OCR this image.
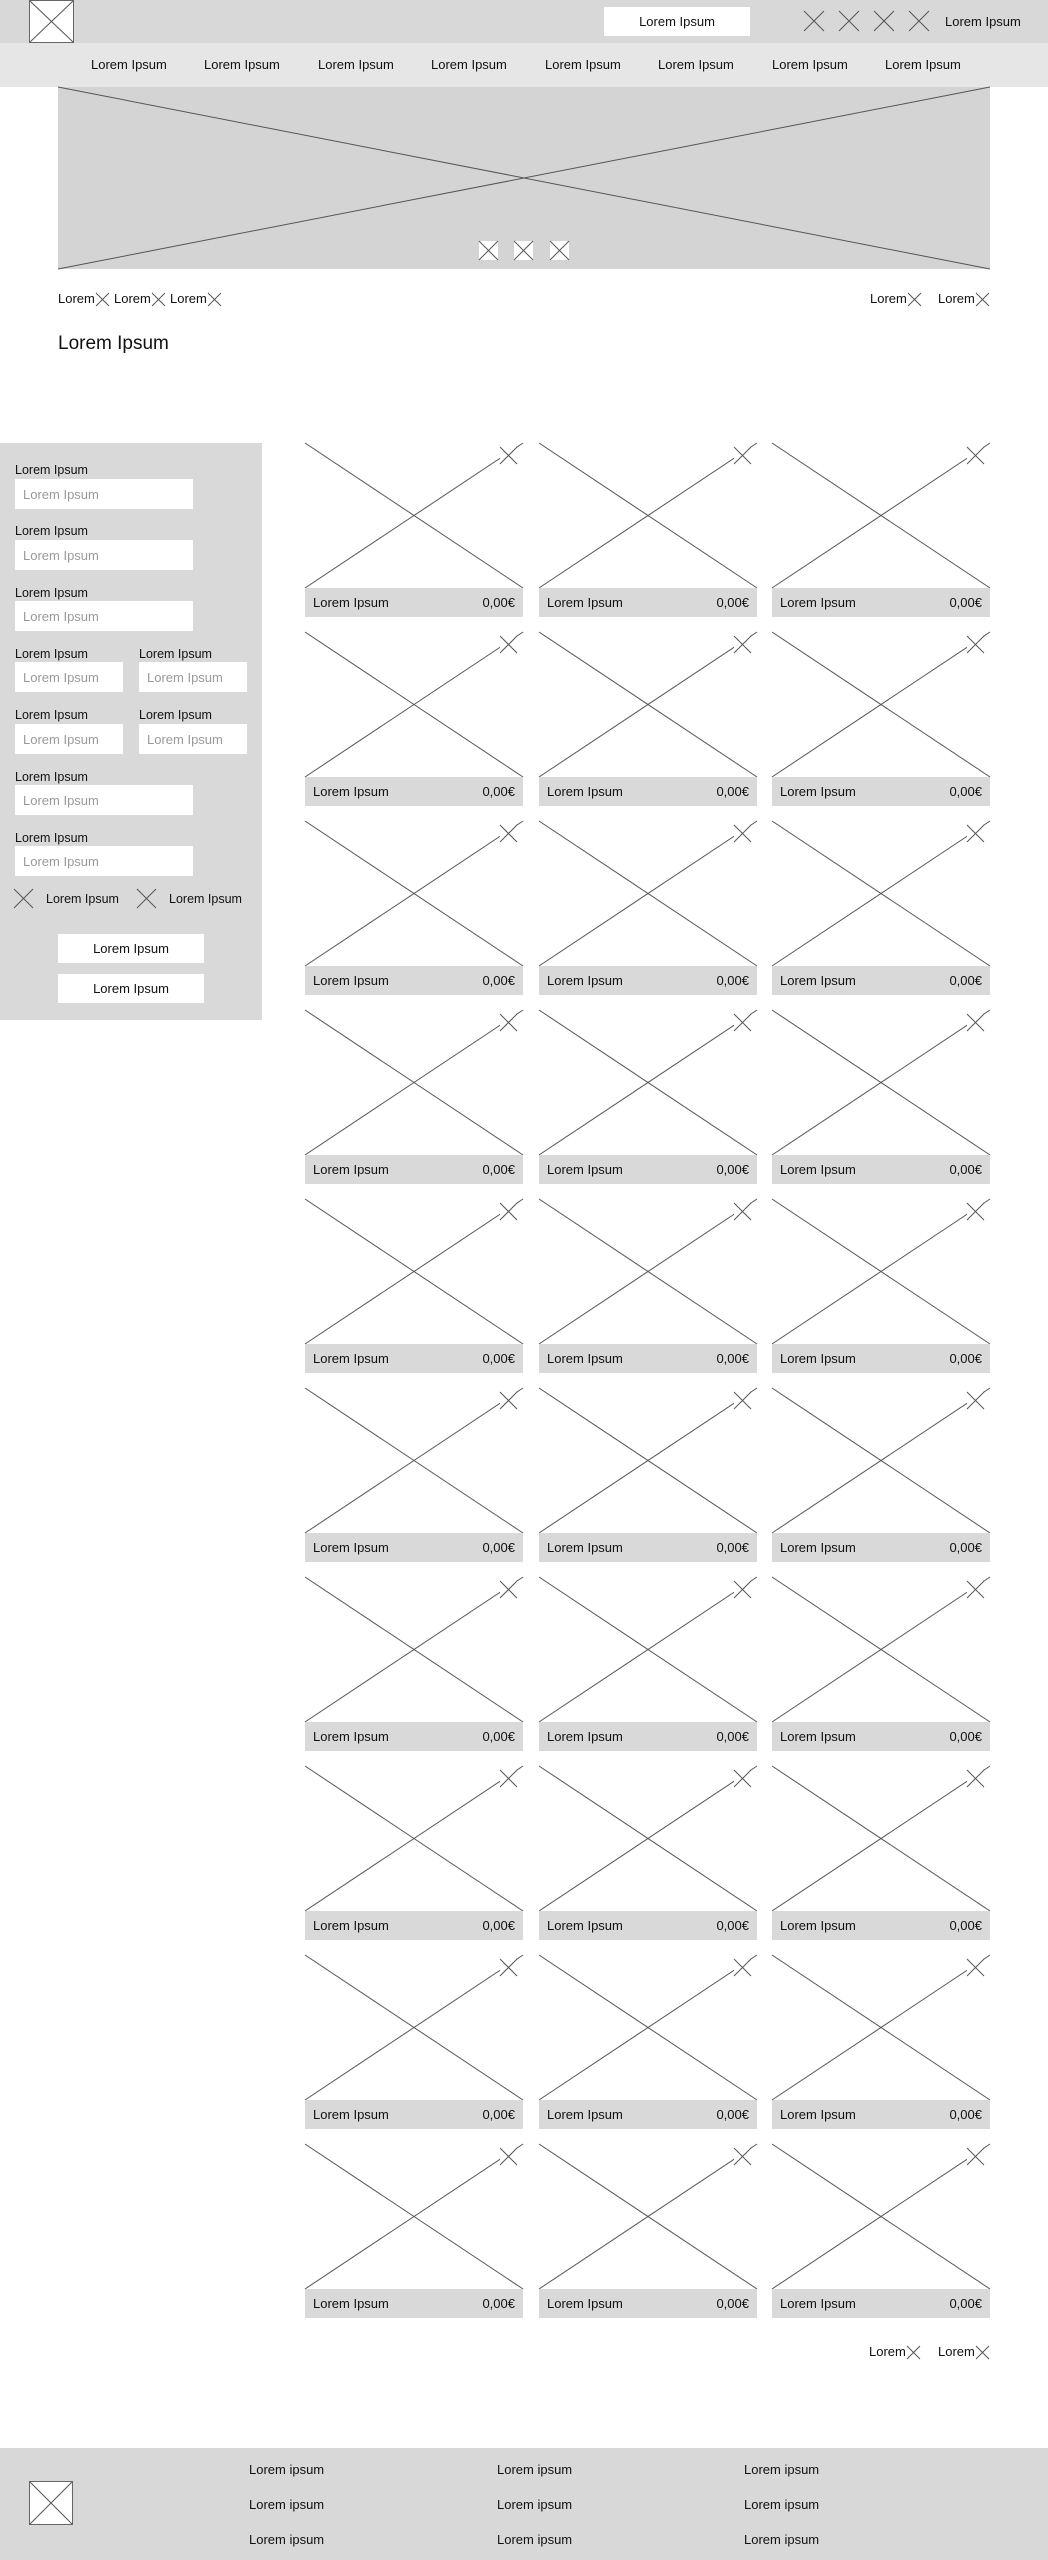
Lorem Ipsum	Lorem Ipsum
Lorem Ipsum	Lorem Ipsum	Lorem Ipsum	Lorem Ipsum	Lorem Ipsum	Lorem Ipsum	Lorem Ipsum	Lorem Ipsum
Lorem Lorem Lorem	Lorem Lorem
Lorem Ipsum
Lorem Ipsum
Lorem Ipsum
Lorem Ipsum
Lorem Ipsum
Lorem Ipsum
Lorem Ipsum
Lorem Ipsum
Lorem Ipsum	Lorem Ipsum
Lorem Ipsum
Lorem Ipsum
Lorem Ipsum	Lorem Ipsum
Lorem Ipsum
Lorem Ipsum
Lorem Ipsum
Lorem Ipsum
Lorem Ipsum
Lorem Ipsum	Lorem Ipsum
Lorem Ipsum
Lorem Ipsum
Lorem Ipsum	0,00€ Lorem Ipsum	0,00€ Lorem Ipsum	0,00€
Lorem Ipsum	0,00€ Lorem Ipsum	0,00€ Lorem Ipsum	0,00€
Lorem Ipsum	0,00€ Lorem Ipsum	0,00€ Lorem Ipsum	0,00€
Lorem Ipsum	0,00€ Lorem Ipsum	0,00€ Lorem Ipsum	0,00€
Lorem Ipsum	0,00€ Lorem Ipsum	0,00€ Lorem Ipsum	0,00€
Lorem Ipsum	0,00€ Lorem Ipsum	0,00€ Lorem Ipsum	0,00€
Lorem Ipsum	0,00€ Lorem Ipsum	0,00€ Lorem Ipsum	0,00€
Lorem Ipsum	0,00€ Lorem Ipsum	0,00€ Lorem Ipsum	0,00€
Lorem Ipsum	0,00€ Lorem Ipsum	0,00€ Lorem Ipsum	0,00€
Lorem Ipsum	0,00€ Lorem Ipsum	0,00€ Lorem Ipsum	0,00€
Lorem Lorem
Lorem ipsum
Lorem ipsum
Lorem ipsum
Lorem ipsum
Lorem ipsum
Lorem ipsum
Lorem ipsum
Lorem ipsum
Lorem ipsum
